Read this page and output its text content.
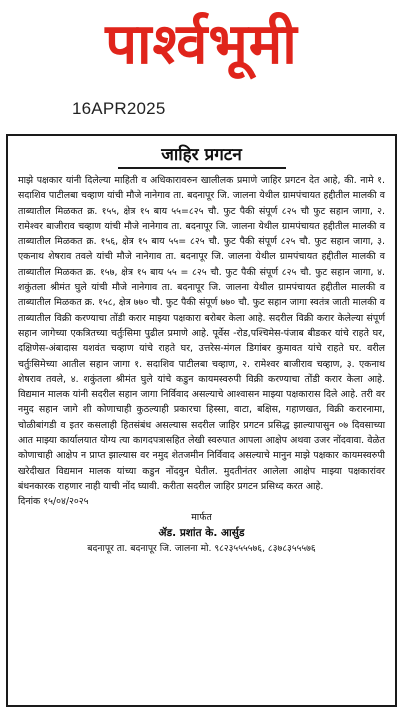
पार्श्वभूमी
16APR2025
जाहिर प्रगटन

माझे पक्षकार यांनी दिलेल्या माहिती व अधिकारावरुन खालीलक प्रमाणे जाहिर प्रगटन देत आहे, की. नामे १. सदाशिव पाटीलबा चव्हाण यांची मौजे नानेगाव ता. बदनापूर जि. जालना येथील ग्रामपंचायत हद्दीतील मालकी व ताब्यातील मिळकत क्र. १५५, क्षेत्र १५ बाय ५५=८२५ चौ. फुट पैकी संपूर्ण ८२५ चौ फुट सहान जागा, २. रामेश्वर बाजीराव चव्हाण यांची मौजे नानेगाव ता. बदनापूर जि. जालना येथील ग्रामपंचायत हद्दीतील मालकी व ताब्यातील मिळकत क्र. १५६, क्षेत्र १५ बाय ५५= ८२५ चौ. फुट पैकी संपूर्ण ८२५ चौ. फुट सहान जागा, ३. एकनाथ शेषराव तवले यांची मौजे नानेगाव ता. बदनापूर जि. जालना येथील ग्रामपंचायत हद्दीतील मालकी व ताब्यातील मिळकत क्र. १५७, क्षेत्र १५ बाय ५५ = ८२५ चौ. फुट पैकी संपूर्ण ८२५ चौ. फुट सहान जागा, ४. शकुंतला श्रीमंत घुले यांची मौजे नानेगाव ता. बदनापूर जि. जालना येथील ग्रामपंचायत हद्दीतील मालकी व ताब्यातील मिळकत क्र. १५८, क्षेत्र ७७० चौ. फुट पैकी संपूर्ण ७७० चौ. फुट सहान जागा स्वतंत्र जाती मालकी व ताब्यातील विक्री करण्याचा तोंडी करार माझ्या पक्षकारा बरोबर केला आहे. सदरील विक्री करार केलेल्या संपूर्ण सहान जागेच्या एकत्रितच्या चर्तुःसिमा पुढील प्रमाणे आहे. पूर्वेस -रोड,पश्चिमेस-पंजाब बीडकर यांचे राहते घर, दक्षिणेस-अंबादास यशवंत चव्हाण यांचे राहते घर, उत्तरेस-मंगल डिगांबर कुमावत यांचे राहते घर. वरील चर्तुःसिमेच्या आतील सहान जागा १. सदाशिव पाटीलबा चव्हाण, २. रामेश्वर बाजीराव चव्हाण, ३. एकनाथ शेषराव तवले, ४. शकुंतला श्रीमंत घुले यांचे कडुन कायमस्वरुपी विक्री करण्याचा तोंडी करार केला आहे. विद्यमान मालक यांनी सदरील सहान जागा निर्विवाद असल्याचे आश्वासन माझ्या पक्षकारास दिले आहे. तरी वर नमुद सहान जागे शी कोणाचाही कुठल्याही प्रकारचा हिस्सा, वाटा, बक्षिस, गहाणखत, विक्री करारनामा, चोळीबांगडी व इतर कसलाही हितसंबंध असल्यास सदरील जाहिर प्रगटन प्रसिद्ध झाल्यापासुन ०७ दिवसाच्या आत माझ्या कार्यालयात योग्य त्या कागदपत्रासहित लेखी स्वरुपात आपला आक्षेप अथवा उजर नोंदवावा. वेळेत कोणाचाही आक्षेप न प्राप्त झाल्यास वर नमुद शेतजमीन निर्विवाद असल्याचे मानुन माझे पक्षकार कायमस्वरुपी खरेदीखत विद्यमान मालक यांच्या कडुन नोंदवुन घेतील. मुदतीनंतर आलेला आक्षेप माझ्या पक्षकारांवर बंधनकारक राहणार नाही याची नोंद घ्यावी. करीता सदरील जाहिर प्रगटन प्रसिध्द करत आहे.

दिनांक १५/०४/२०२५
मार्फत
ॲड. प्रशांत के. आर्सुड
बदनापूर ता. बदनापूर जि. जालना मो. ९८२३५५५५७६, ८३७८३५५५७६
